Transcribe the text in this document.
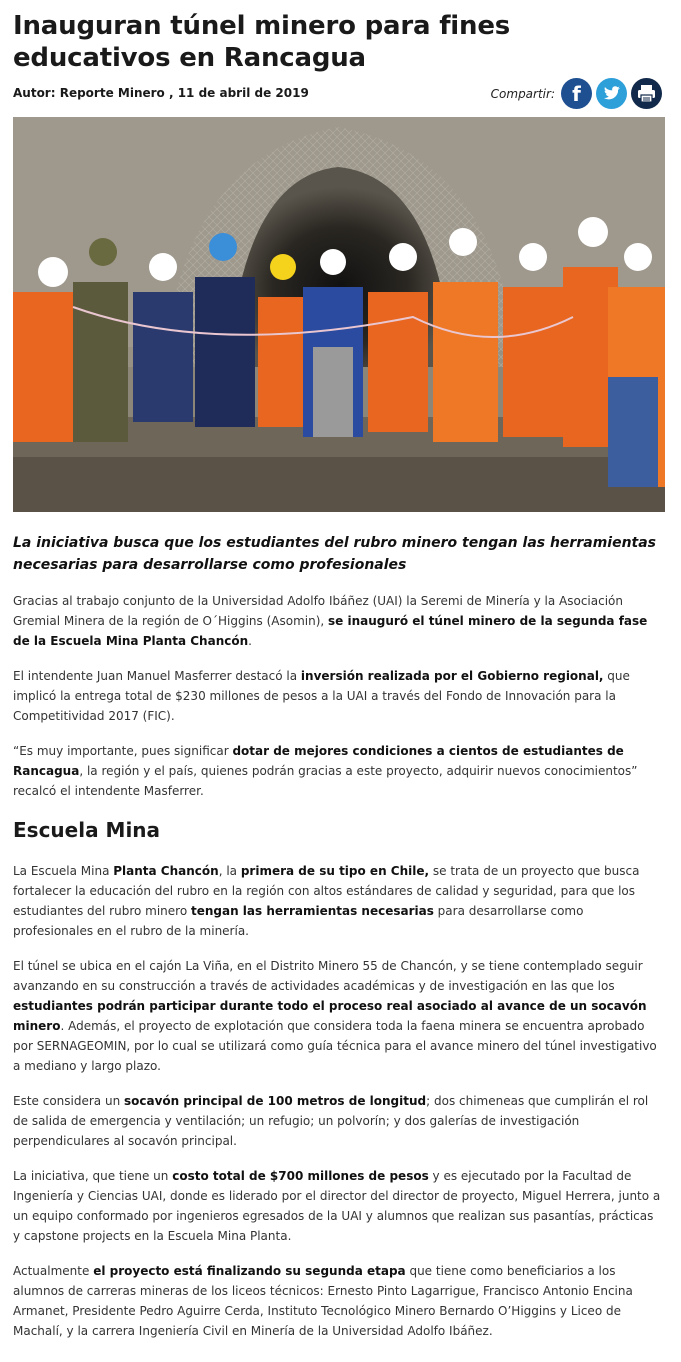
Inauguran túnel minero para fines educativos en Rancagua
Autor: Reporte Minero , 11 de abril de 2019	Compartir: f

La iniciativa busca que los estudiantes del rubro minero tengan las herramientas necesarias para desarrollarse como profesionales

Gracias al trabajo conjunto de la Universidad Adolfo Ibáñez (UAI) la Seremi de Minería y la Asociación Gremial Minera de la región de O´Higgins (Asomin), se inauguró el túnel minero de la segunda fase de la Escuela Mina Planta Chancón.

El intendente Juan Manuel Masferrer destacó la inversión realizada por el Gobierno regional, que implicó la entrega total de $230 millones de pesos a la UAI a través del Fondo de Innovación para la Competitividad 2017 (FIC).

“Es muy importante, pues significar dotar de mejores condiciones a cientos de estudiantes de Rancagua, la región y el país, quienes podrán gracias a este proyecto, adquirir nuevos conocimientos” recalcó el intendente Masferrer.

Escuela Mina

La Escuela Mina Planta Chancón, la primera de su tipo en Chile, se trata de un proyecto que busca fortalecer la educación del rubro en la región con altos estándares de calidad y seguridad, para que los estudiantes del rubro minero tengan las herramientas necesarias para desarrollarse como profesionales en el rubro de la minería.

El túnel se ubica en el cajón La Viña, en el Distrito Minero 55 de Chancón, y se tiene contemplado seguir avanzando en su construcción a través de actividades académicas y de investigación en las que los estudiantes podrán participar durante todo el proceso real asociado al avance de un socavón minero. Además, el proyecto de explotación que considera toda la faena minera se encuentra aprobado por SERNAGEOMIN, por lo cual se utilizará como guía técnica para el avance minero del túnel investigativo a mediano y largo plazo.

Este considera un socavón principal de 100 metros de longitud; dos chimeneas que cumplirán el rol de salida de emergencia y ventilación; un refugio; un polvorín; y dos galerías de investigación perpendiculares al socavón principal.

La iniciativa, que tiene un costo total de $700 millones de pesos y es ejecutado por la Facultad de Ingeniería y Ciencias UAI, donde es liderado por el director del director de proyecto, Miguel Herrera, junto a un equipo conformado por ingenieros egresados de la UAI y alumnos que realizan sus pasantías, prácticas y capstone projects en la Escuela Mina Planta.

Actualmente el proyecto está finalizando su segunda etapa que tiene como beneficiarios a los alumnos de carreras mineras de los liceos técnicos: Ernesto Pinto Lagarrigue, Francisco Antonio Encina Armanet, Presidente Pedro Aguirre Cerda, Instituto Tecnológico Minero Bernardo O’Higgins y Liceo de Machalí, y la carrera Ingeniería Civil en Minería de la Universidad Adolfo Ibáñez.
